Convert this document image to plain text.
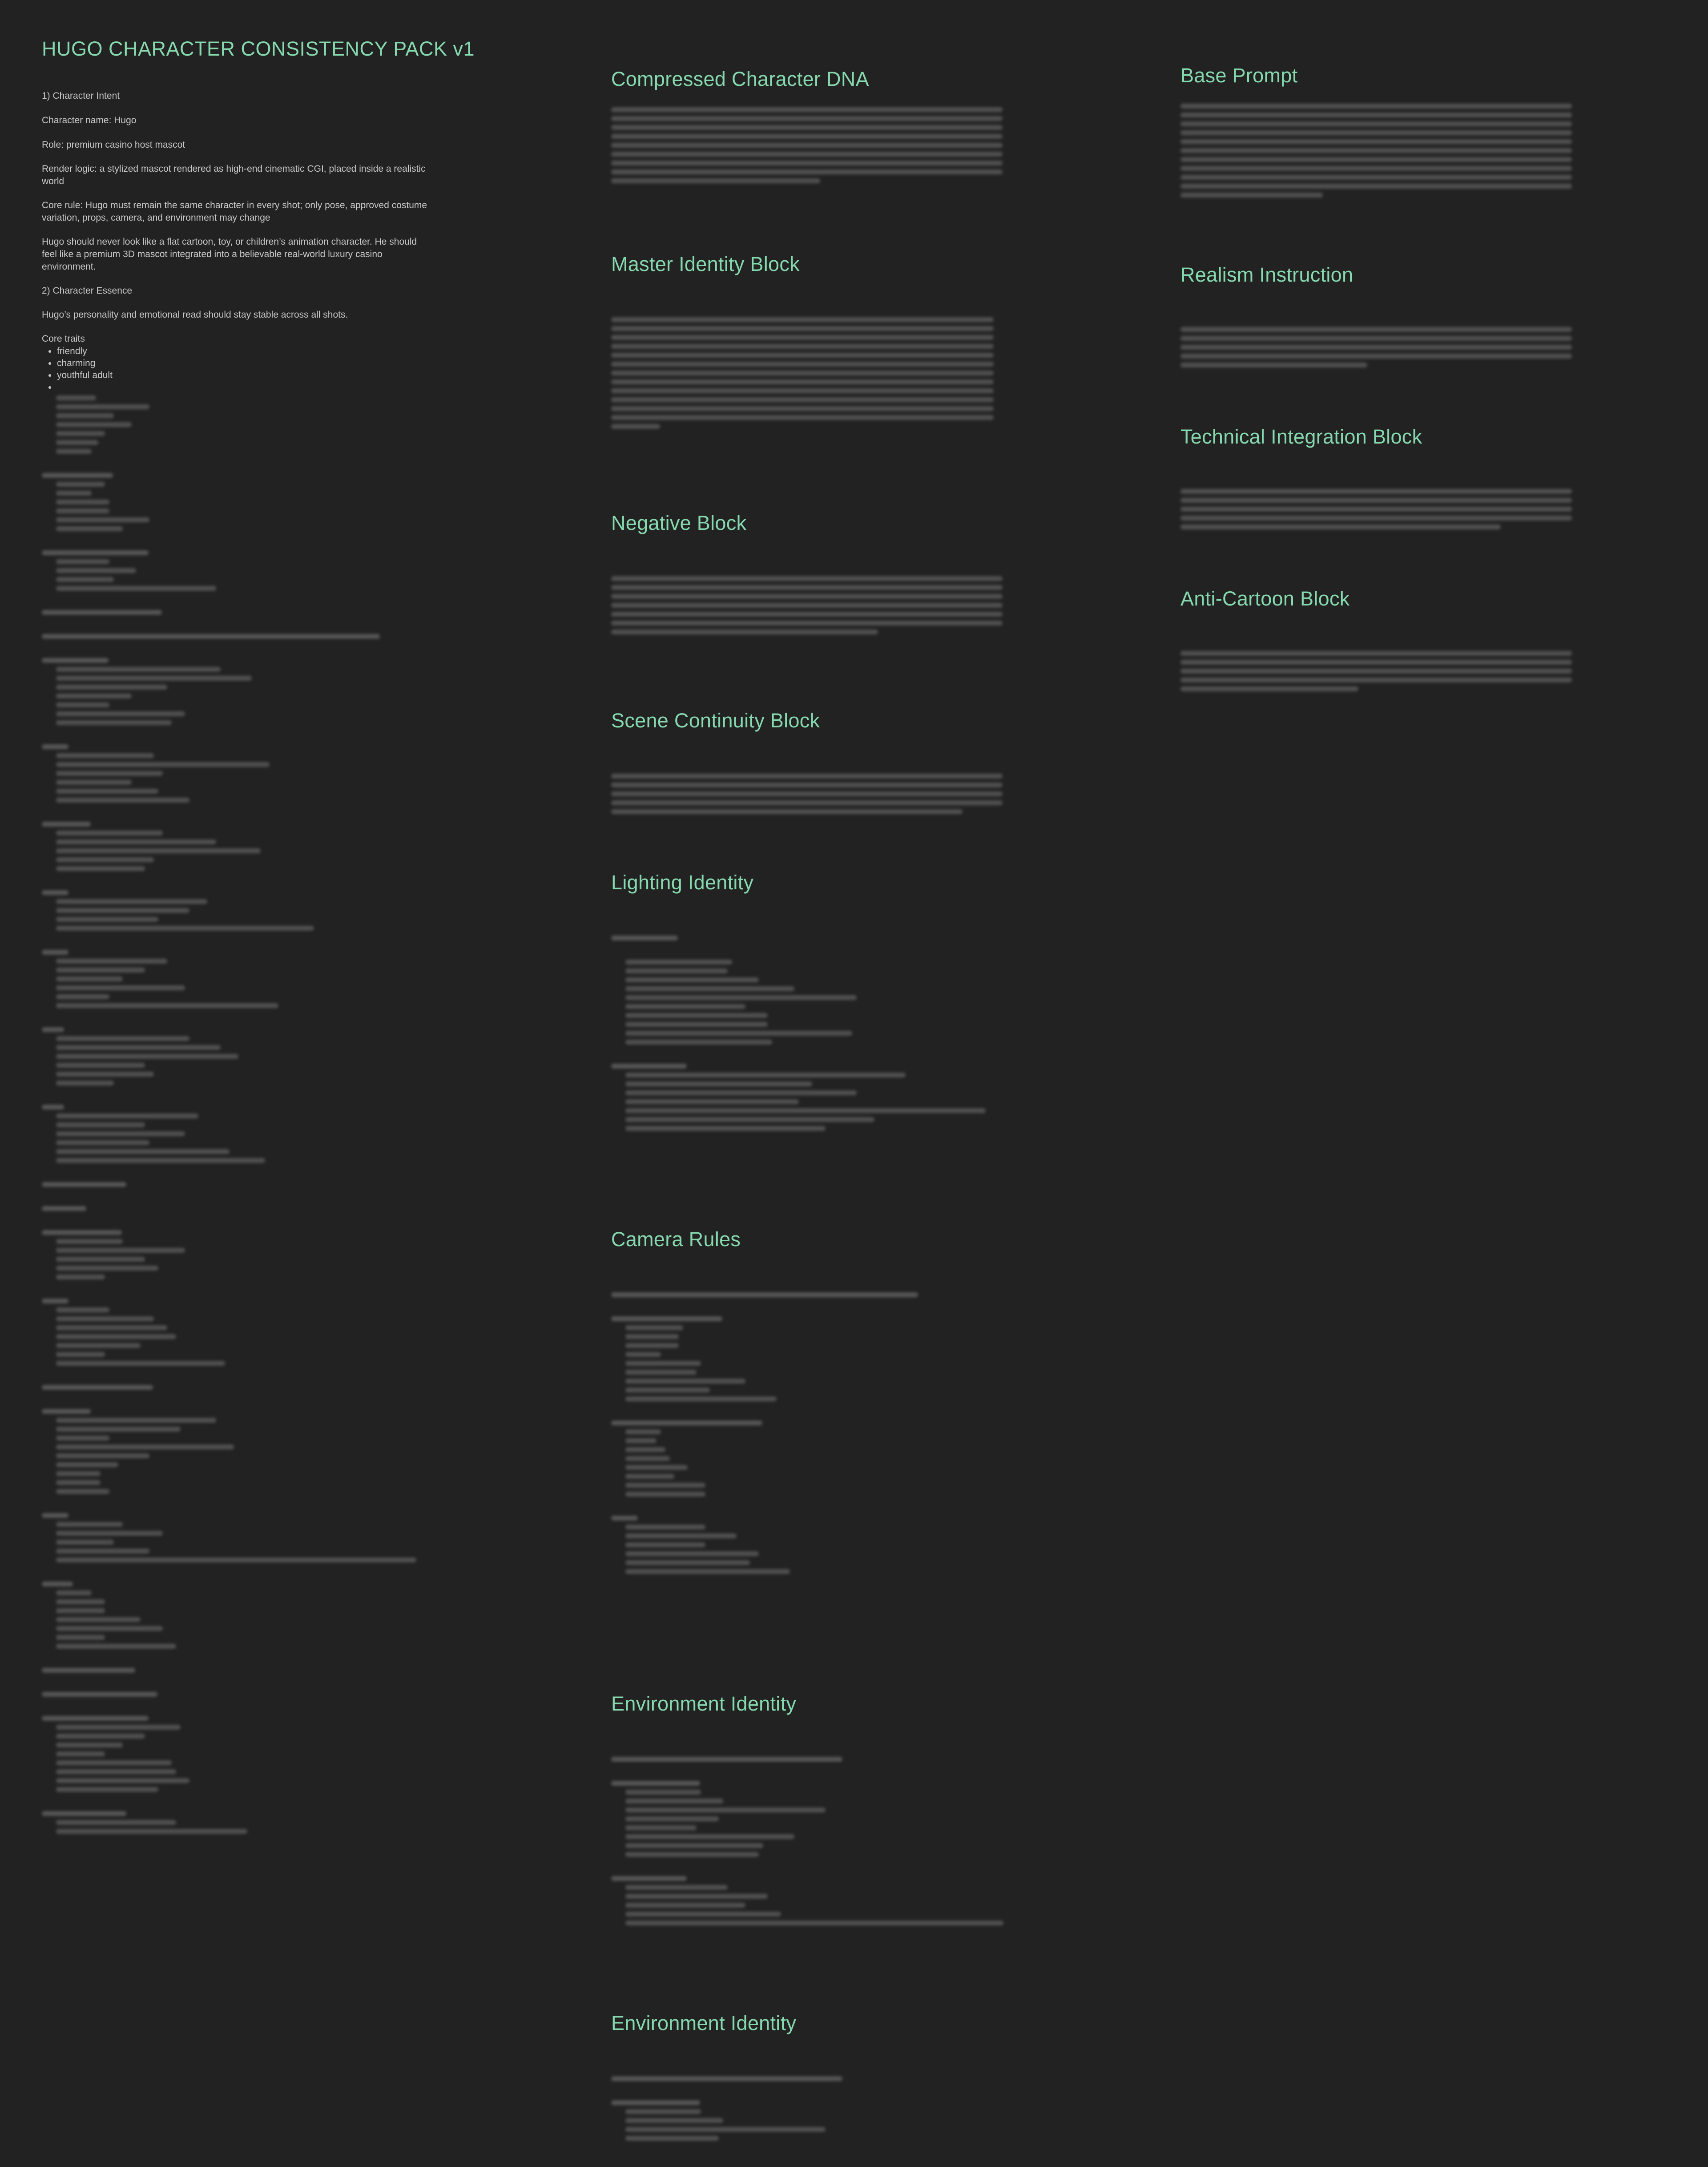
HUGO CHARACTER CONSISTENCY PACK v1

1) Character Intent

Character name: Hugo

Role: premium casino host mascot

Render logic: a stylized mascot rendered as high-end cinematic CGI, placed inside a realistic world

Core rule: Hugo must remain the same character in every shot; only pose, approved costume variation, props, camera, and environment may change

Hugo should never look like a flat cartoon, toy, or children’s animation character. He should feel like a premium 3D mascot integrated into a believable real-world luxury casino environment.

2) Character Essence

Hugo’s personality and emotional read should stay stable across all shots.

Core traits

• friendly
• charming
• youthful adult
•
Compressed Character DNA
Master Identity Block
Negative Block
Scene Continuity Block
Lighting Identity
Camera Rules
Environment Identity
Environment Identity
Base Prompt
Realism Instruction
Technical Integration Block
Anti-Cartoon Block
